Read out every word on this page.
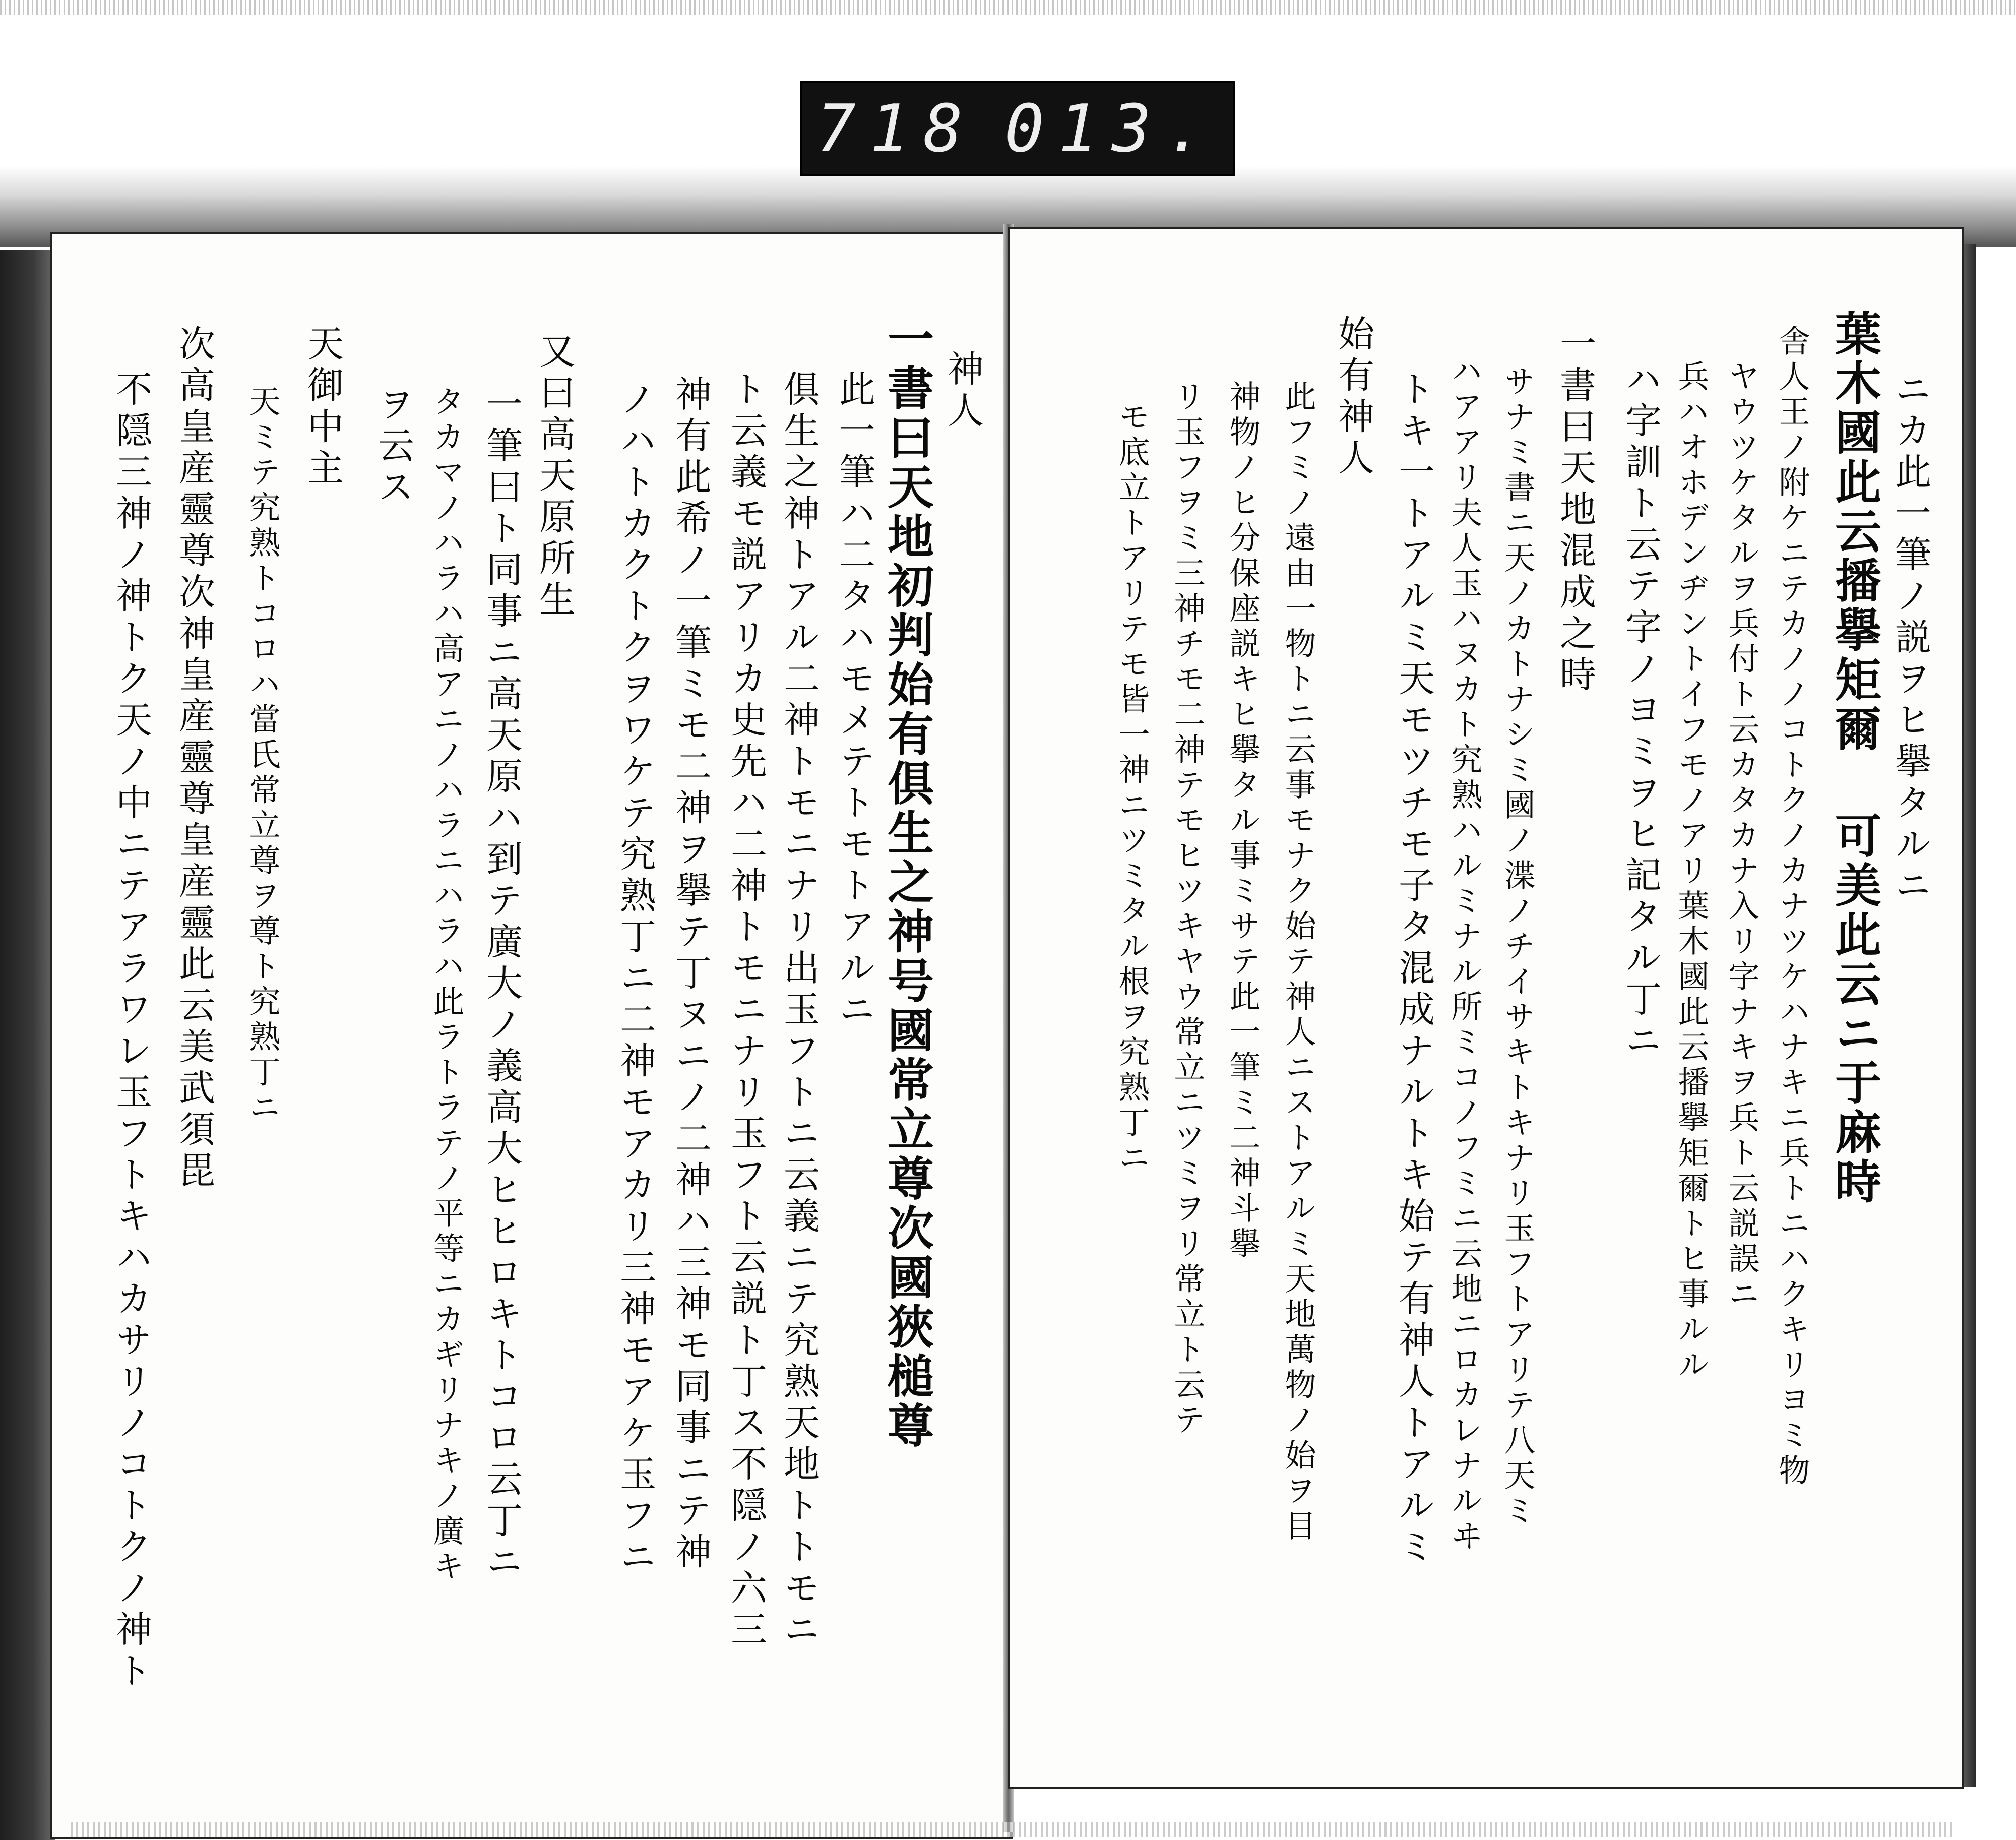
718 013.
神人
一書曰天地初判始有俱生之神号國常立尊次國狹槌尊
此一筆ハ二タハモメテトモトアルニ
俱生之神トアル二神トモニナリ出玉フトニ云義ニテ究熟天地トトモニ
ト云義モ説アリカ史先ハ二神トモニナリ玉フト云説ト丁ス不隠ノ六三
神有此希ノ一筆ミモ二神ヲ擧テ丁ヌニノ二神ハ三神モ同事ニテ神
ノハトカクトクヲワケテ究熟丁ニ二神モアカリ三神モアケ玉フニ
又曰高天原所生
一筆曰ト同事ニ高天原ハ到テ廣大ノ義高大ヒヒロキトコロ云丁ニ
タカマノハラハ高アニノハラニハラハ此ラトラテノ平等ニカギリナキノ廣キ
ヲ云ス
天御中主
天ミテ究熟トコロハ當氏常立尊ヲ尊ト究熟丁ニ
次高皇産靈尊次神皇産靈尊皇産靈此云美武須毘
不隠三神ノ神トク天ノ中ニテアラワレ玉フトキハカサリノコトクノ神ト	ニカ此一筆ノ説ヲヒ擧タルニ
葉木國此云播擧矩爾 可美此云ニ于麻時
舎人王ノ附ケニテカノノコトクノカナツケハナキニ兵トニハクキリヨミ物
ヤウツケタルヲ兵付ト云カタカナ入リ字ナキヲ兵ト云説誤ニ
兵ハオホデンヂントイフモノアリ葉木國此云播擧矩爾トヒ事ルル
ハ字訓ト云テ字ノヨミヲヒ記タル丁ニ
一書曰天地混成之時
サナミ書ニ天ノカトナシミ國ノ渫ノチイサキトキナリ玉フトアリテ八天ミ
ハアアリ夫人玉ハヌカト究熟ハルミナル所ミコノフミニ云地ニロカレナルヰ
トキ一トアルミ天モツチモ子タ混成ナルトキ始テ有神人トアルミ
始有神人
此フミノ遠由一物トニ云事モナク始テ神人ニストアルミ天地萬物ノ始ヲ目
神物ノヒ分保座説キヒ擧タル事ミサテ此一筆ミ二神斗擧
リ玉フヲミ三神チモ二神テモヒツキヤウ常立ニツミヲリ常立ト云テ
モ底立トアリテモ皆一神ニツミタル根ヲ究熟丁ニ
